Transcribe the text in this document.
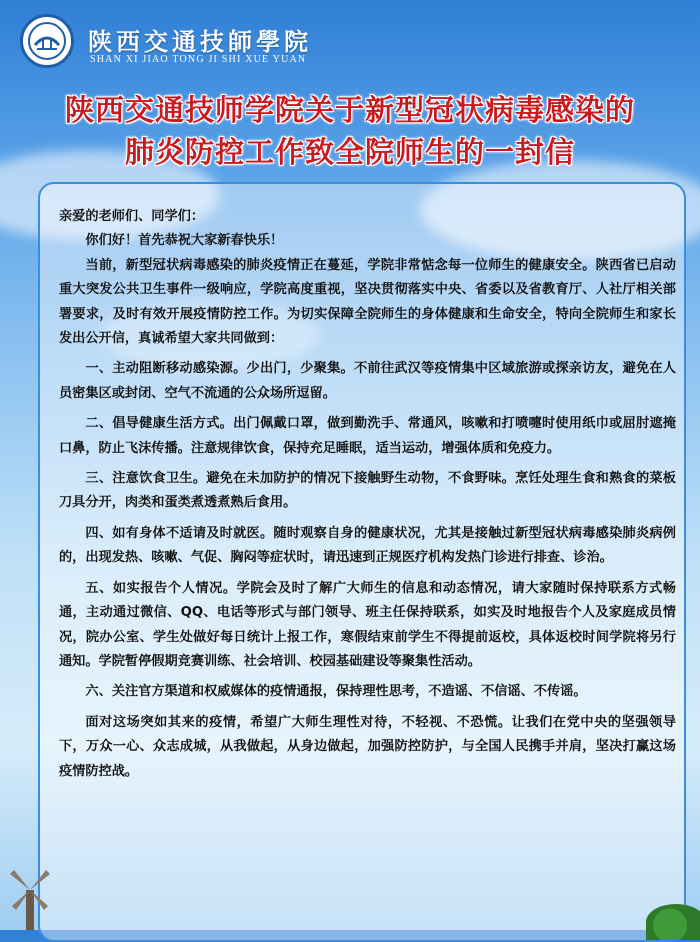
陕西交通技師學院
SHAN XI JIAO TONG JI SHI XUE YUAN
陕西交通技师学院关于新型冠状病毒感染的
肺炎防控工作致全院师生的一封信

亲爱的老师们、同学们：

你们好！首先恭祝大家新春快乐！

当前，新型冠状病毒感染的肺炎疫情正在蔓延，学院非常惦念每一位师生的健康安全。陕西省已启动重大突发公共卫生事件一级响应，学院高度重视，坚决贯彻落实中央、省委以及省教育厅、人社厅相关部署要求，及时有效开展疫情防控工作。为切实保障全院师生的身体健康和生命安全，特向全院师生和家长发出公开信，真诚希望大家共同做到：

一、主动阻断移动感染源。少出门，少聚集。不前往武汉等疫情集中区域旅游或探亲访友，避免在人员密集区或封闭、空气不流通的公众场所逗留。

二、倡导健康生活方式。出门佩戴口罩，做到勤洗手、常通风，咳嗽和打喷嚏时使用纸巾或屈肘遮掩口鼻，防止飞沫传播。注意规律饮食，保持充足睡眠，适当运动，增强体质和免疫力。

三、注意饮食卫生。避免在未加防护的情况下接触野生动物，不食野味。烹饪处理生食和熟食的菜板刀具分开，肉类和蛋类煮透煮熟后食用。

四、如有身体不适请及时就医。随时观察自身的健康状况，尤其是接触过新型冠状病毒感染肺炎病例的，出现发热、咳嗽、气促、胸闷等症状时，请迅速到正规医疗机构发热门诊进行排查、诊治。

五、如实报告个人情况。学院会及时了解广大师生的信息和动态情况，请大家随时保持联系方式畅通，主动通过微信、QQ、电话等形式与部门领导、班主任保持联系，如实及时地报告个人及家庭成员情况，院办公室、学生处做好每日统计上报工作，寒假结束前学生不得提前返校，具体返校时间学院将另行通知。学院暂停假期竞赛训练、社会培训、校园基础建设等聚集性活动。

六、关注官方渠道和权威媒体的疫情通报，保持理性思考，不造谣、不信谣、不传谣。

面对这场突如其来的疫情，希望广大师生理性对待，不轻视、不恐慌。让我们在党中央的坚强领导下，万众一心、众志成城，从我做起，从身边做起，加强防控防护，与全国人民携手并肩，坚决打赢这场疫情防控战。
